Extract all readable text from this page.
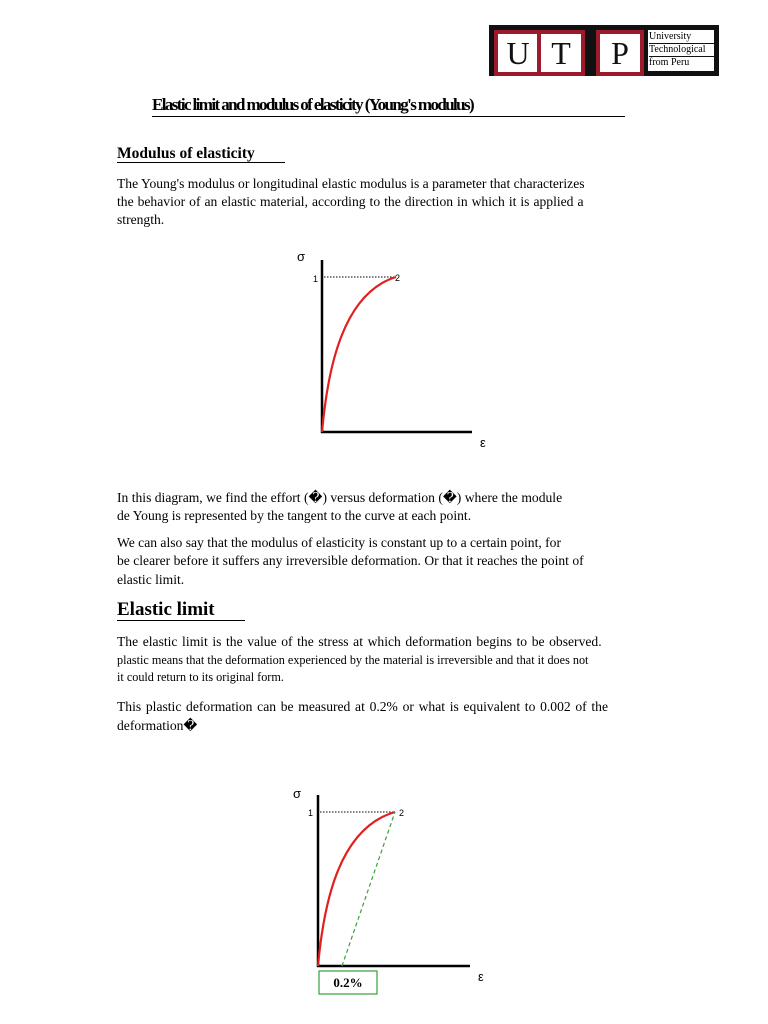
U T	P	University
Technological
from Peru
Elastic limit and modulus of elasticity (Young's modulus)
Modulus of elasticity
The Young's modulus or longitudinal elastic modulus is a parameter that characterizes
the behavior of an elastic material, according to the direction in which it is applied a
strength.
σ
1	2
ε
In this diagram, we find the effort (�) versus deformation (�) where the module
de Young is represented by the tangent to the curve at each point.
We can also say that the modulus of elasticity is constant up to a certain point, for
be clearer before it suffers any irreversible deformation. Or that it reaches the point of
elastic limit.
Elastic limit
The elastic limit is the value of the stress at which deformation begins to be observed.
plastic means that the deformation experienced by the material is irreversible and that it does not
it could return to its original form.
This plastic deformation can be measured at 0.2% or what is equivalent to 0.002 of the
deformation�
σ
1	2
ε
0.2%
